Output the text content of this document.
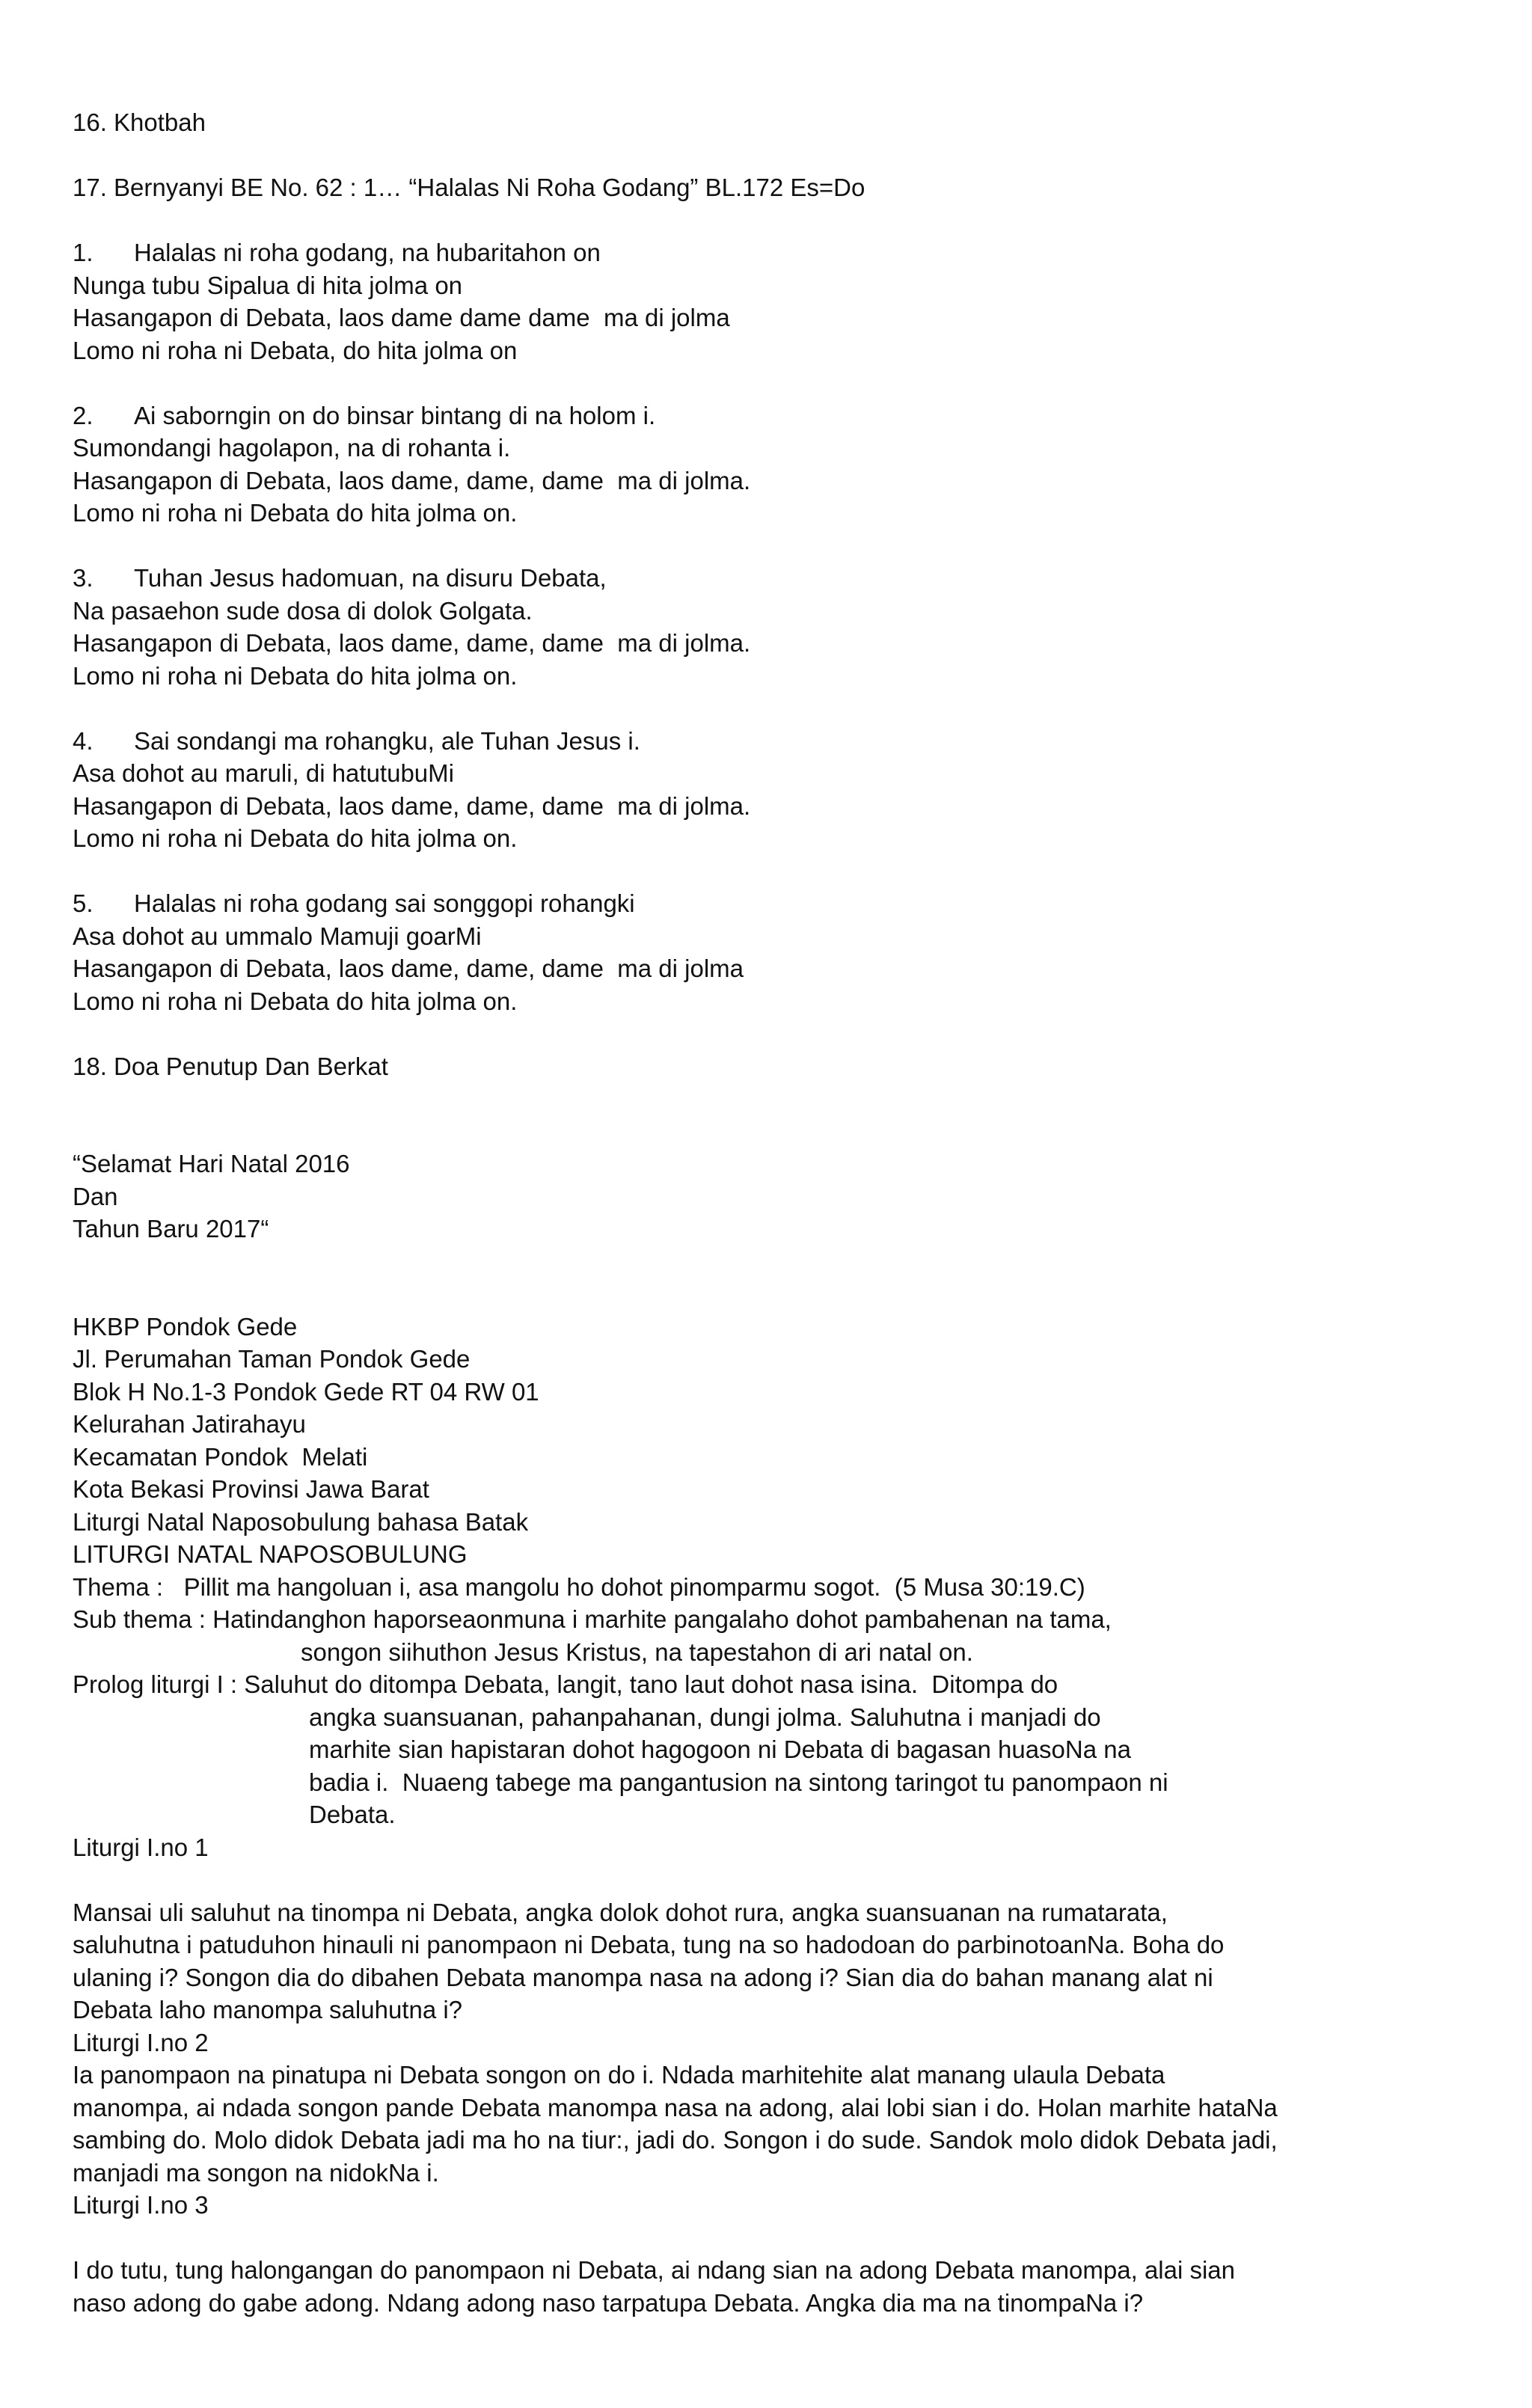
16. Khotbah
17. Bernyanyi BE No. 62 : 1… “Halalas Ni Roha Godang” BL.172 Es=Do
1. Halalas ni roha godang, na hubaritahon on
Nunga tubu Sipalua di hita jolma on
Hasangapon di Debata, laos dame dame dame  ma di jolma
Lomo ni roha ni Debata, do hita jolma on
2. Ai saborngin on do binsar bintang di na holom i.
Sumondangi hagolapon, na di rohanta i.
Hasangapon di Debata, laos dame, dame, dame  ma di jolma.
Lomo ni roha ni Debata do hita jolma on.
3. Tuhan Jesus hadomuan, na disuru Debata,
Na pasaehon sude dosa di dolok Golgata.
Hasangapon di Debata, laos dame, dame, dame  ma di jolma.
Lomo ni roha ni Debata do hita jolma on.
4. Sai sondangi ma rohangku, ale Tuhan Jesus i.
Asa dohot au maruli, di hatutubuMi
Hasangapon di Debata, laos dame, dame, dame  ma di jolma.
Lomo ni roha ni Debata do hita jolma on.
5. Halalas ni roha godang sai songgopi rohangki
Asa dohot au ummalo Mamuji goarMi
Hasangapon di Debata, laos dame, dame, dame  ma di jolma
Lomo ni roha ni Debata do hita jolma on.
18. Doa Penutup Dan Berkat
“Selamat Hari Natal 2016
Dan
Tahun Baru 2017“
HKBP Pondok Gede
Jl. Perumahan Taman Pondok Gede
Blok H No.1-3 Pondok Gede RT 04 RW 01
Kelurahan Jatirahayu
Kecamatan Pondok  Melati
Kota Bekasi Provinsi Jawa Barat
Liturgi Natal Naposobulung bahasa Batak
LITURGI NATAL NAPOSOBULUNG
Thema : Pillit ma hangoluan i, asa mangolu ho dohot pinomparmu sogot.  (5 Musa 30:19.C)
Sub thema : Hatindanghon haporseaonmuna i marhite pangalaho dohot pambahenan na tama,
songon siihuthon Jesus Kristus, na tapestahon di ari natal on.
Prolog liturgi I : Saluhut do ditompa Debata, langit, tano laut dohot nasa isina.  Ditompa do
angka suansuanan, pahanpahanan, dungi jolma. Saluhutna i manjadi do
marhite sian hapistaran dohot hagogoon ni Debata di bagasan huasoNa na
badia i.  Nuaeng tabege ma pangantusion na sintong taringot tu panompaon ni
Debata.
Liturgi I.no 1
Mansai uli saluhut na tinompa ni Debata, angka dolok dohot rura, angka suansuanan na rumatarata,
saluhutna i patuduhon hinauli ni panompaon ni Debata, tung na so hadodoan do parbinotoanNa. Boha do
ulaning i? Songon dia do dibahen Debata manompa nasa na adong i? Sian dia do bahan manang alat ni
Debata laho manompa saluhutna i?
Liturgi I.no 2
Ia panompaon na pinatupa ni Debata songon on do i. Ndada marhitehite alat manang ulaula Debata
manompa, ai ndada songon pande Debata manompa nasa na adong, alai lobi sian i do. Holan marhite hataNa
sambing do. Molo didok Debata jadi ma ho na tiur:, jadi do. Songon i do sude. Sandok molo didok Debata jadi,
manjadi ma songon na nidokNa i.
Liturgi I.no 3
I do tutu, tung halongangan do panompaon ni Debata, ai ndang sian na adong Debata manompa, alai sian
naso adong do gabe adong. Ndang adong naso tarpatupa Debata. Angka dia ma na tinompaNa i?
